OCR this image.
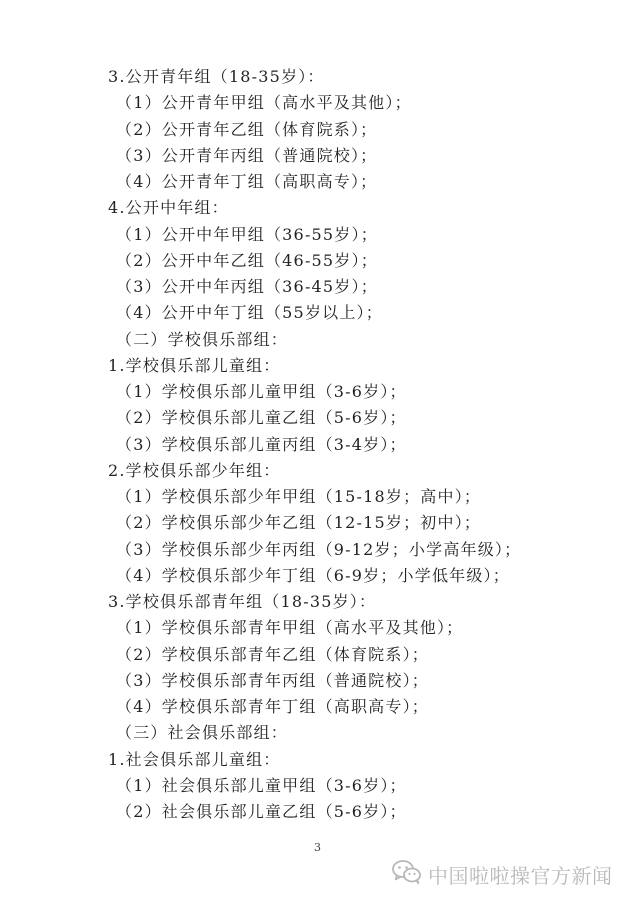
3.公开青年组（18-35岁）：
（1）公开青年甲组（高水平及其他）；
（2）公开青年乙组（体育院系）；
（3）公开青年丙组（普通院校）；
（4）公开青年丁组（高职高专）；
4.公开中年组：
（1）公开中年甲组（36-55岁）；
（2）公开中年乙组（46-55岁）；
（3）公开中年丙组（36-45岁）；
（4）公开中年丁组（55岁以上）；
（二）学校俱乐部组：
1.学校俱乐部儿童组：
（1）学校俱乐部儿童甲组（3-6岁）；
（2）学校俱乐部儿童乙组（5-6岁）；
（3）学校俱乐部儿童丙组（3-4岁）；
2.学校俱乐部少年组：
（1）学校俱乐部少年甲组（15-18岁；高中）；
（2）学校俱乐部少年乙组（12-15岁；初中）；
（3）学校俱乐部少年丙组（9-12岁；小学高年级）；
（4）学校俱乐部少年丁组（6-9岁；小学低年级）；
3.学校俱乐部青年组（18-35岁）：
（1）学校俱乐部青年甲组（高水平及其他）；
（2）学校俱乐部青年乙组（体育院系）；
（3）学校俱乐部青年丙组（普通院校）；
（4）学校俱乐部青年丁组（高职高专）；
（三）社会俱乐部组：
1.社会俱乐部儿童组：
（1）社会俱乐部儿童甲组（3-6岁）；
（2）社会俱乐部儿童乙组（5-6岁）；
3
中国啦啦操官方新闻
